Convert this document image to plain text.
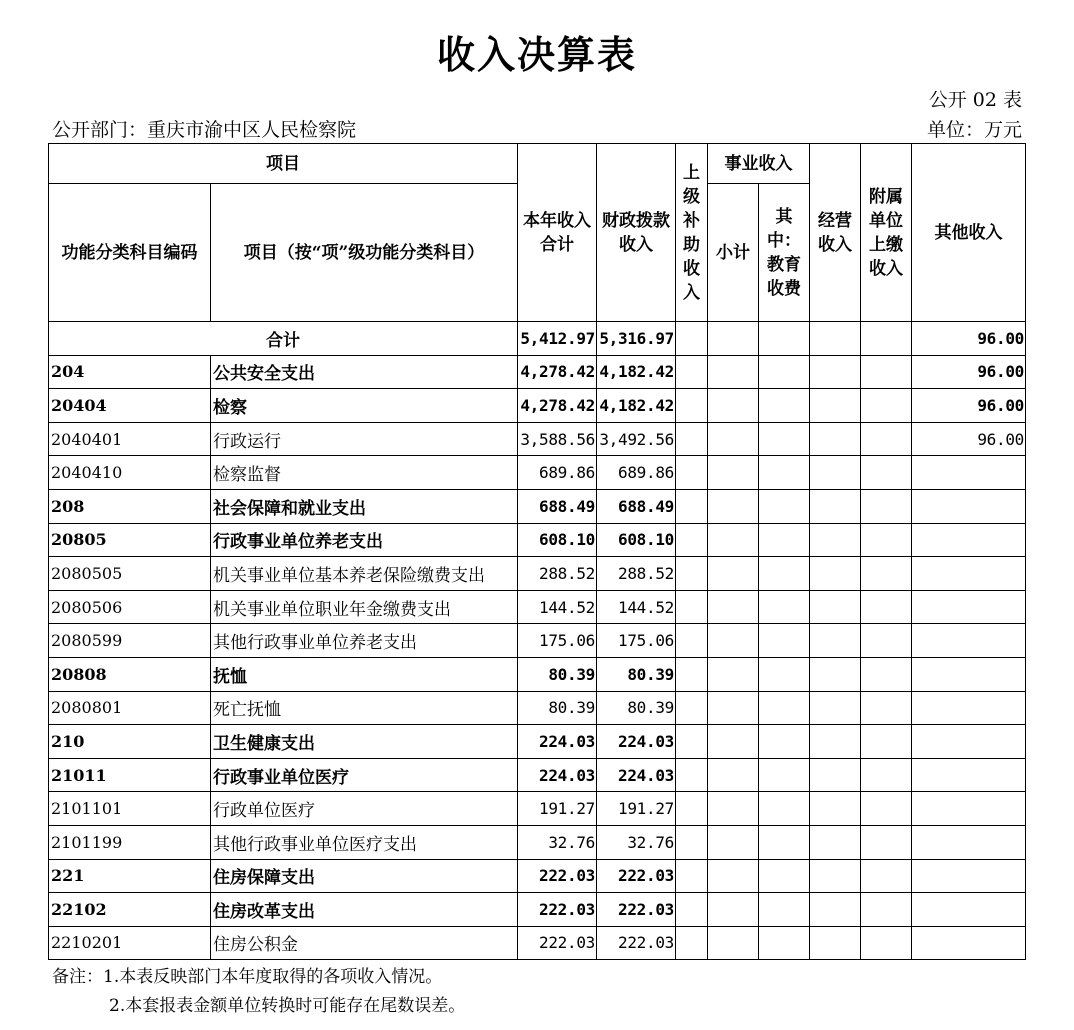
收入决算表
公开 02 表
公开部门：重庆市渝中区人民检察院	单位：万元
项目		本年收入合计	财政拨款收入	上级补助收入	事业收入		经营收入	附属单位上缴收入	其他收入
功能分类科目编码	项目（按“项”级功能分类科目）				小计	其中：教育收费			
合计		5,412.97	5,316.97						96.00
204	公共安全支出	4,278.42	4,182.42						96.00
20404	检察	4,278.42	4,182.42						96.00
2040401	行政运行	3,588.56	3,492.56						96.00
2040410	检察监督	689.86	689.86						
208	社会保障和就业支出	688.49	688.49						
20805	行政事业单位养老支出	608.10	608.10						
2080505	机关事业单位基本养老保险缴费支出	288.52	288.52						
2080506	机关事业单位职业年金缴费支出	144.52	144.52						
2080599	其他行政事业单位养老支出	175.06	175.06						
20808	抚恤	80.39	80.39						
2080801	死亡抚恤	80.39	80.39						
210	卫生健康支出	224.03	224.03						
21011	行政事业单位医疗	224.03	224.03						
2101101	行政单位医疗	191.27	191.27						
2101199	其他行政事业单位医疗支出	32.76	32.76						
221	住房保障支出	222.03	222.03						
22102	住房改革支出	222.03	222.03						
2210201	住房公积金	222.03	222.03						
备注：1.本表反映部门本年度取得的各项收入情况。
2.本套报表金额单位转换时可能存在尾数误差。
